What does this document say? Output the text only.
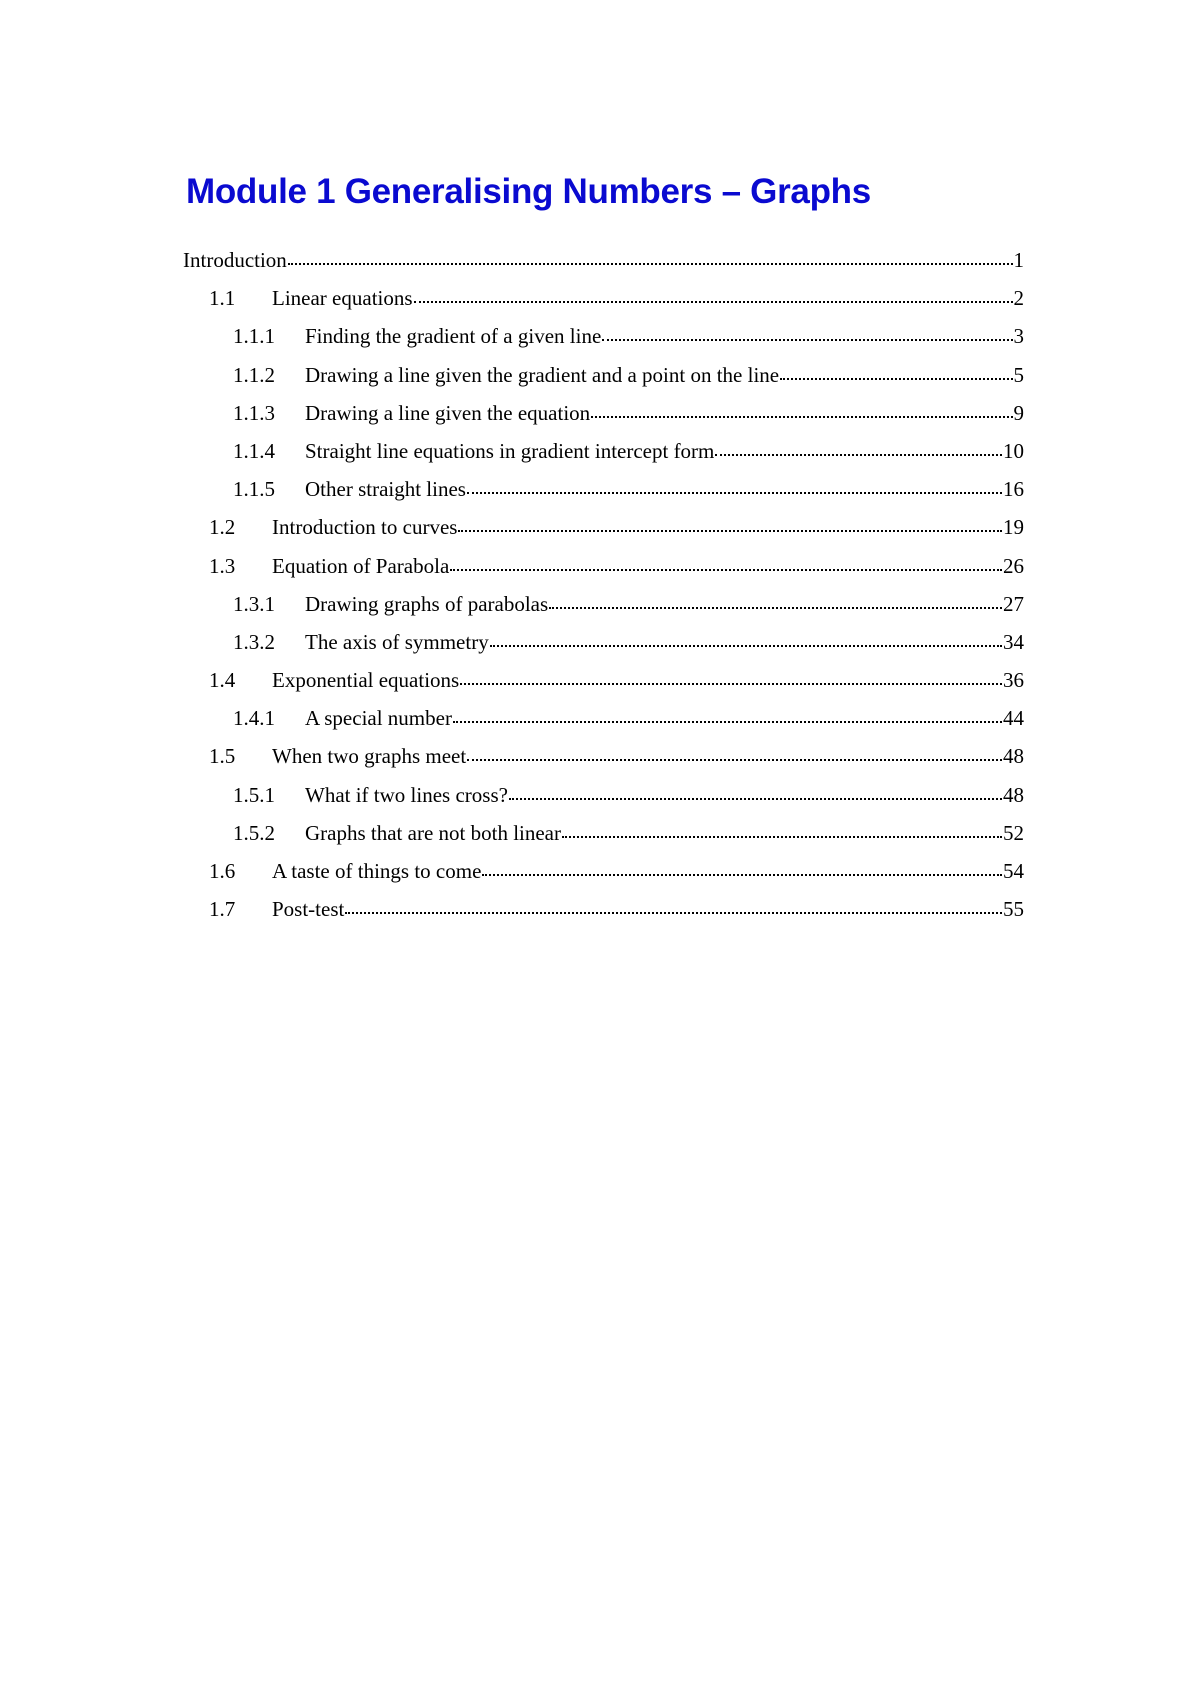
Module 1 Generalising Numbers – Graphs
Introduction	1
1.1	Linear equations	2
1.1.1	Finding the gradient of a given line	3
1.1.2	Drawing a line given the gradient and a point on the line	5
1.1.3	Drawing a line given the equation	9
1.1.4	Straight line equations in gradient intercept form	10
1.1.5	Other straight lines	16
1.2	Introduction to curves	19
1.3	Equation of Parabola	26
1.3.1	Drawing graphs of parabolas	27
1.3.2	The axis of symmetry	34
1.4	Exponential equations	36
1.4.1	A special number	44
1.5	When two graphs meet	48
1.5.1	What if two lines cross?	48
1.5.2	Graphs that are not both linear	52
1.6	A taste of things to come	54
1.7	Post-test	55
